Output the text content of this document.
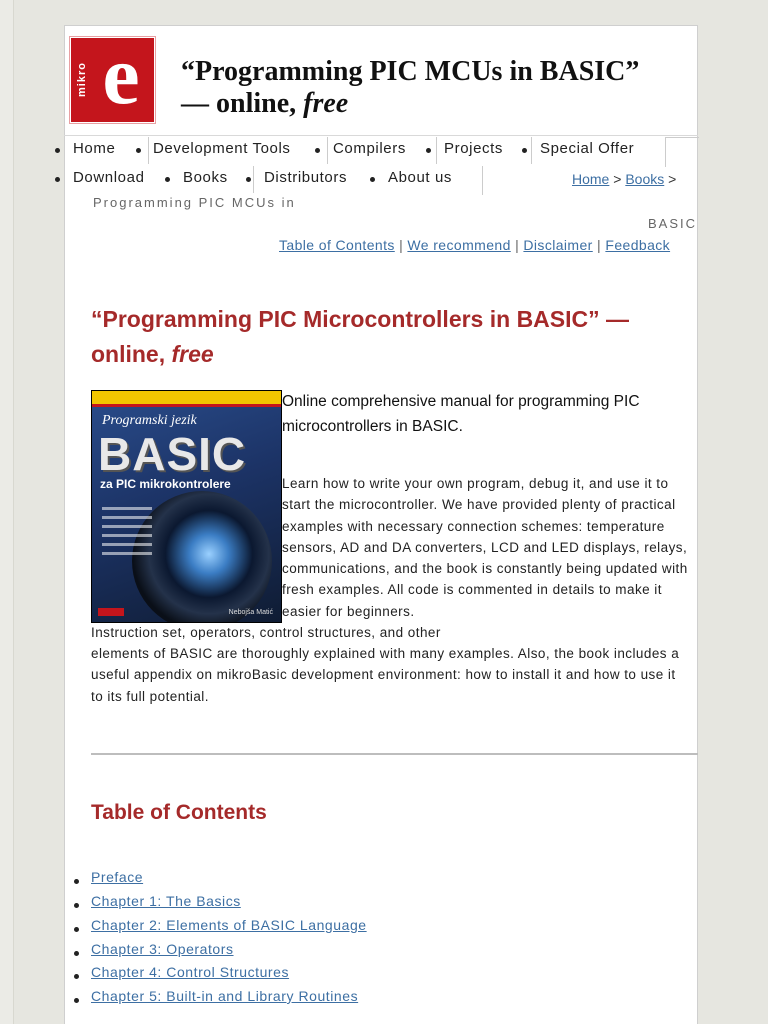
mikro e	“Programming PIC MCUs in BASIC”
— online, free
Home	Development Tools	Compilers	Projects Special Offer
Download	Books Distributors	About us	Home > Books >
Programming PIC MCUs in
BASIC
Table of Contents | We recommend | Disclaimer | Feedback
“Programming PIC Microcontrollers in BASIC” —
online, free
Programski jezik
BASIC
za PIC mikrokontrolere
Nebojša Matić
Online comprehensive manual for programming PIC microcontrollers in BASIC.
Learn how to write your own program, debug it, and use it to start the microcontroller. We have provided plenty of practical examples with necessary connection schemes: temperature sensors, AD and DA converters, LCD and LED displays, relays, communications, and the book is constantly being updated with fresh examples. All code is commented in details to make it easier for beginners.
Instruction set, operators, control structures, and other
elements of BASIC are thoroughly explained with many examples. Also, the book includes a useful appendix on mikroBasic development environment: how to install it and how to use it to its full potential.
Table of Contents
Preface
Chapter 1: The Basics
Chapter 2: Elements of BASIC Language
Chapter 3: Operators
Chapter 4: Control Structures
Chapter 5: Built-in and Library Routines
